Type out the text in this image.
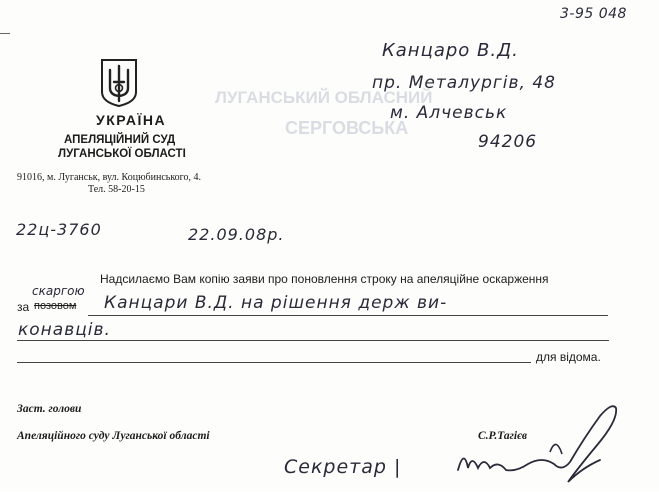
ЛУГАНСЬКИЙ ОБЛАСНИЙ
СЕРГОВСЬКА
3-95 048
УКРАЇНА
АПЕЛЯЦІЙНИЙ СУД
ЛУГАНСЬКОЇ ОБЛАСТІ
91016, м. Луганськ, вул. Коцюбинського, 4.
Тел. 58-20-15
Канцаро В.Д.
пр. Металургів, 48
м. Алчевськ
94206
22ц-3760	22.09.08р.
Надсилаємо Вам копію заяви про поновлення строку на апеляційне оскарження
за позовом
скаргою
Канцари В.Д. на рішення держ ви-
конавців.
для відома.
Заст. голови
Апеляційного суду Луганської області	С.Р.Тагієв
Секретар |
